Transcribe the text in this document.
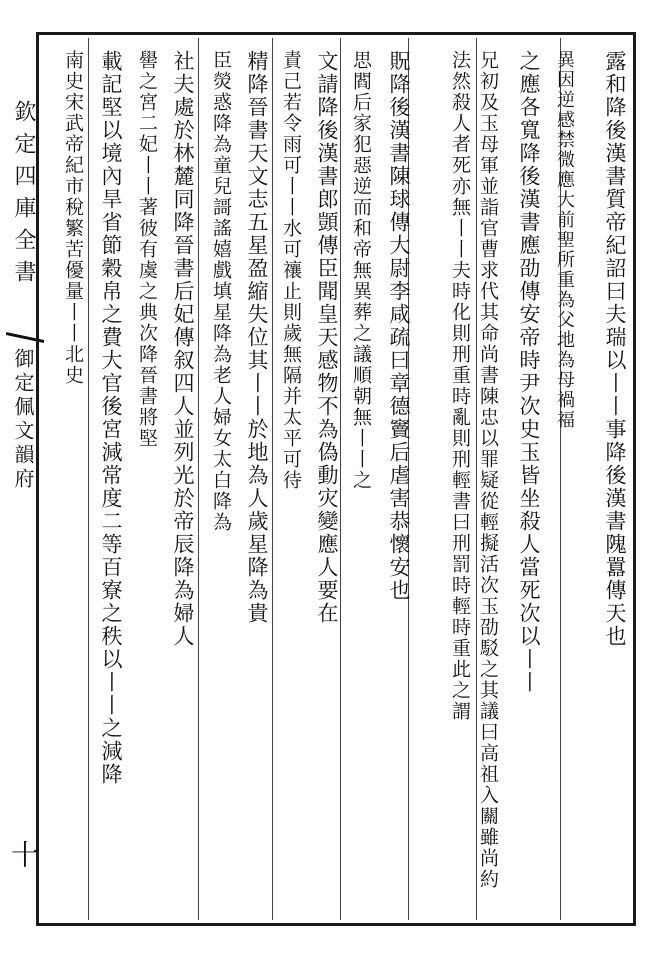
欽定四庫全書
御定佩文韻府
十
露和降後漢書質帝紀詔曰夫瑞以丨丨事降後漢書隗囂傳天也
異因逆感禁微應大前聖所重為父地為母禍福
之應各寬降後漢書應劭傳安帝時尹次史玉皆坐殺人當死次以丨丨
兄初及玉母軍並詣官曹求代其命尚書陳忠以罪疑從輕擬活次玉劭駁之其議曰高祖入關雖尚約法然殺人者死亦無丨丨夫時化則刑重時亂則刑輕書曰刑罰時輕時重此之謂
貺降後漢書陳球傳大尉李咸疏曰章德竇后虐害恭懷安也
思閻后家犯惡逆而和帝無異葬之議順朝無丨丨之
文請降後漢書郎顗傳臣聞皇天感物不為偽動灾變應人要在
責己若令雨可丨丨水可禳止則歲無隔并太平可待
精降晉書天文志五星盈縮失位其丨丨於地為人歲星降為貴
臣熒惑降為童兒謌謠嬉戲填星降為老人婦女太白降為
社夫處於林麓同降晉書后妃傳叙四人並列光於帝辰降為婦人
嚳之宮二妃丨丨著彼有虞之典次降晉書將堅
載記堅以境內旱省節穀帛之費大官後宮減常度二等百寮之秩以丨丨之減降
南史宋武帝紀市稅繁苦優量丨丨北史
